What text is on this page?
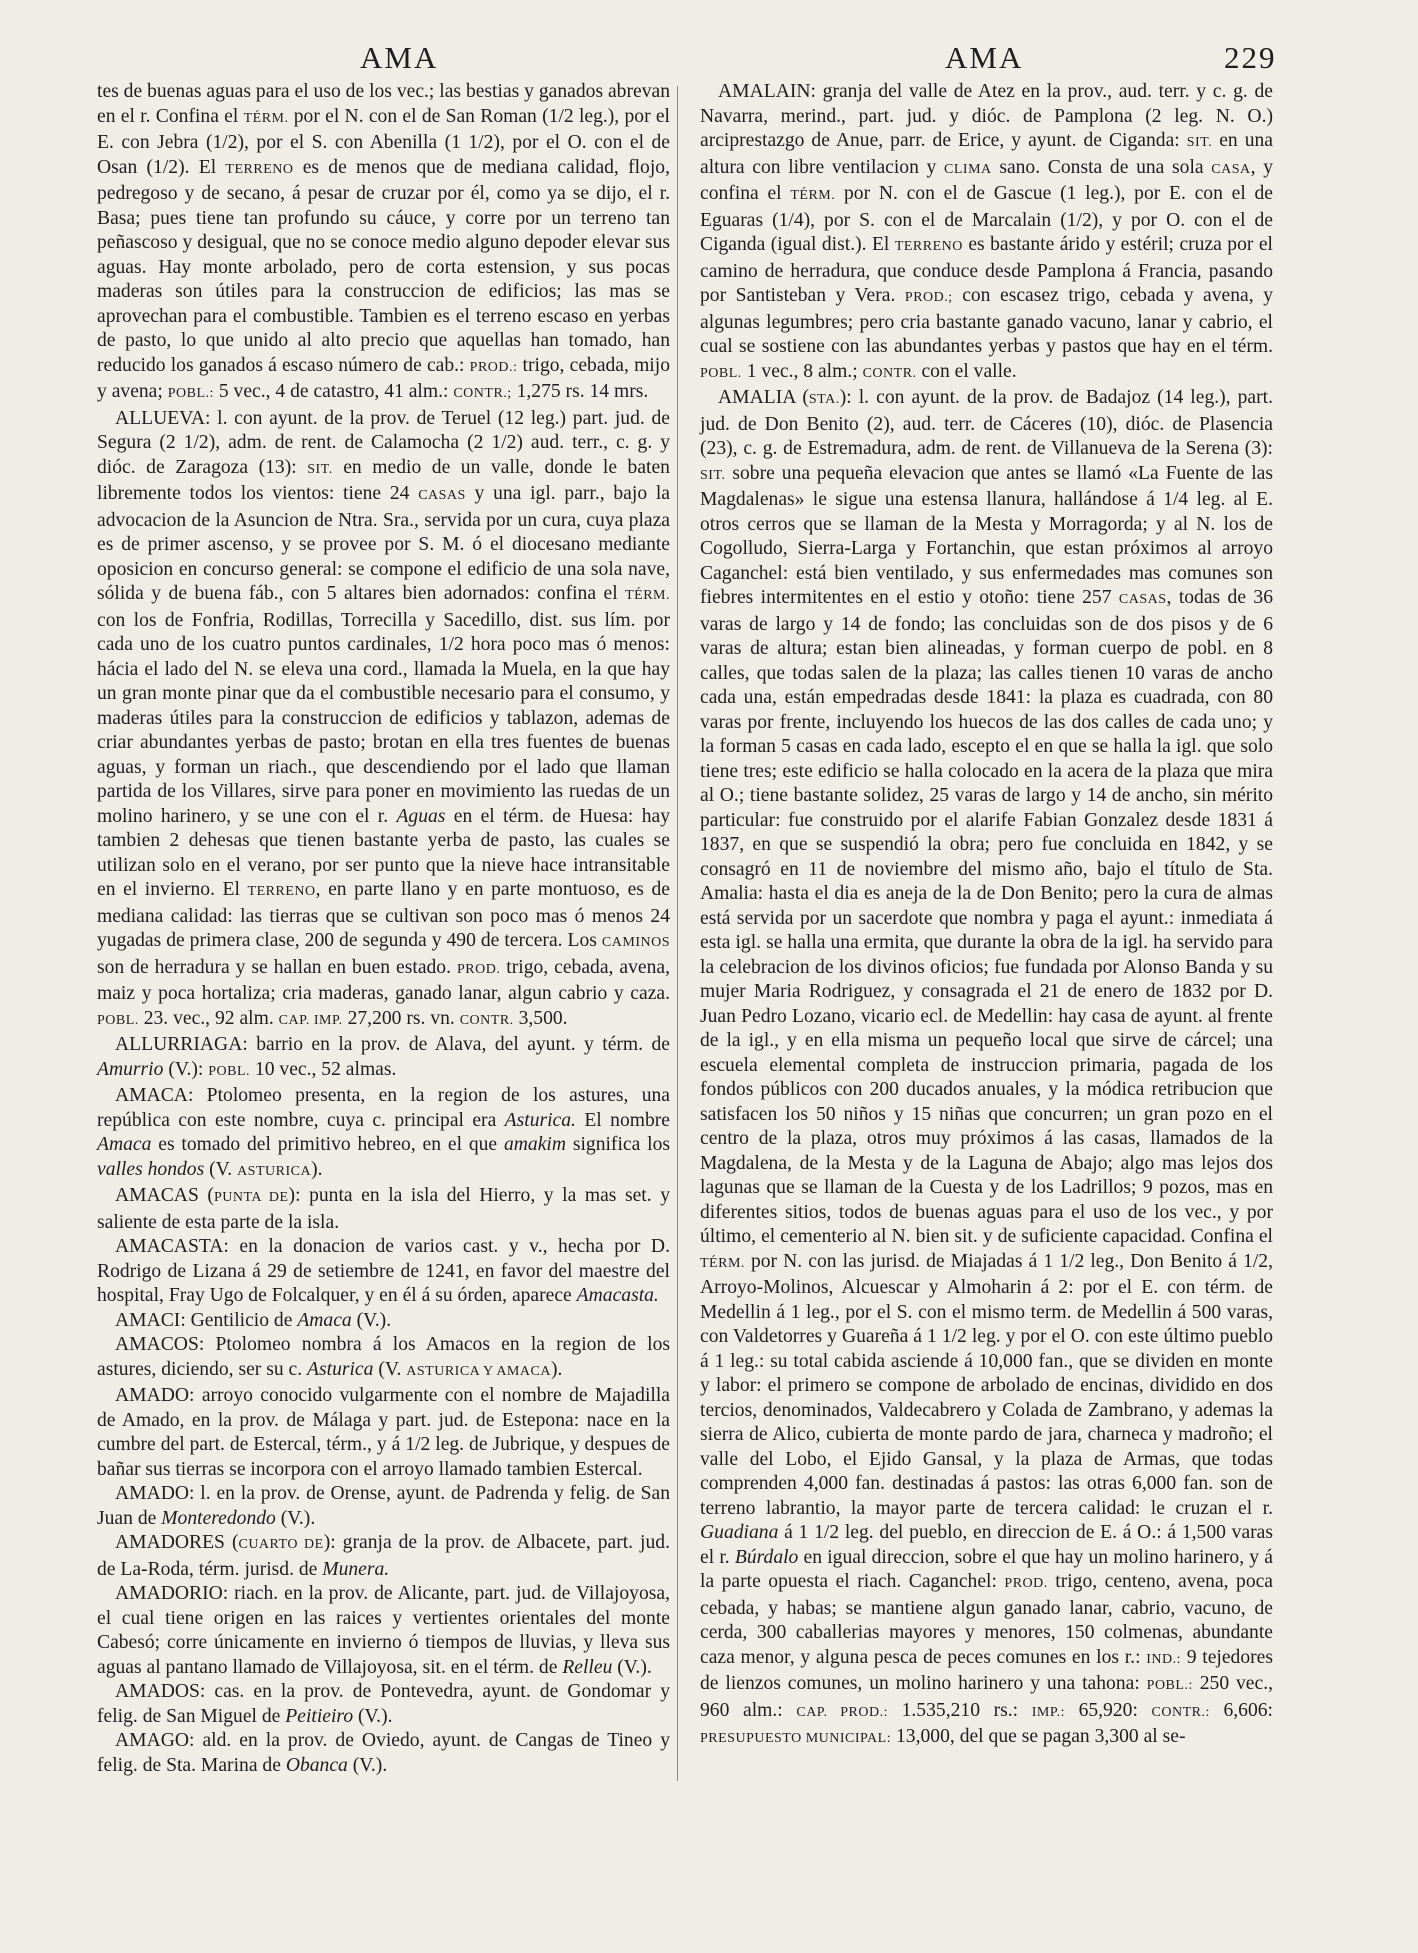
AMA	AMA	229

tes de buenas aguas para el uso de los vec.; las bestias y ganados abrevan en el r. Confina el TÉRM. por el N. con el de San Roman (1/2 leg.), por el E. con Jebra (1/2), por el S. con Abenilla (1 1/2), por el O. con el de Osan (1/2). El TERRENO es de menos que de mediana calidad, flojo, pedregoso y de secano, á pesar de cruzar por él, como ya se dijo, el r. Basa; pues tiene tan profundo su cáuce, y corre por un terreno tan peñascoso y desigual, que no se conoce medio alguno depoder elevar sus aguas. Hay monte arbolado, pero de corta estension, y sus pocas maderas son útiles para la construccion de edificios; las mas se aprovechan para el combustible. Tambien es el terreno escaso en yerbas de pasto, lo que unido al alto precio que aquellas han tomado, han reducido los ganados á escaso número de cab.: PROD.: trigo, cebada, mijo y avena; POBL.: 5 vec., 4 de catastro, 41 alm.: CONTR.; 1,275 rs. 14 mrs.

ALLUEVA: l. con ayunt. de la prov. de Teruel (12 leg.) part. jud. de Segura (2 1/2), adm. de rent. de Calamocha (2 1/2) aud. terr., c. g. y dióc. de Zaragoza (13): SIT. en medio de un valle, donde le baten libremente todos los vientos: tiene 24 CASAS y una igl. parr., bajo la advocacion de la Asuncion de Ntra. Sra., servida por un cura, cuya plaza es de primer ascenso, y se provee por S. M. ó el diocesano mediante oposicion en concurso general: se compone el edificio de una sola nave, sólida y de buena fáb., con 5 altares bien adornados: confina el TÉRM. con los de Fonfria, Rodillas, Torrecilla y Sacedillo, dist. sus lím. por cada uno de los cuatro puntos cardinales, 1/2 hora poco mas ó menos: hácia el lado del N. se eleva una cord., llamada la Muela, en la que hay un gran monte pinar que da el combustible necesario para el consumo, y maderas útiles para la construccion de edificios y tablazon, ademas de criar abundantes yerbas de pasto; brotan en ella tres fuentes de buenas aguas, y forman un riach., que descendiendo por el lado que llaman partida de los Villares, sirve para poner en movimiento las ruedas de un molino harinero, y se une con el r. Aguas en el térm. de Huesa: hay tambien 2 dehesas que tienen bastante yerba de pasto, las cuales se utilizan solo en el verano, por ser punto que la nieve hace intransitable en el invierno. El TERRENO, en parte llano y en parte montuoso, es de mediana calidad: las tierras que se cultivan son poco mas ó menos 24 yugadas de primera clase, 200 de segunda y 490 de tercera. Los CAMINOS son de herradura y se hallan en buen estado. PROD. trigo, cebada, avena, maiz y poca hortaliza; cria maderas, ganado lanar, algun cabrio y caza. POBL. 23. vec., 92 alm. CAP. IMP. 27,200 rs. vn. CONTR. 3,500.

ALLURRIAGA: barrio en la prov. de Alava, del ayunt. y térm. de Amurrio (V.): POBL. 10 vec., 52 almas.

AMACA: Ptolomeo presenta, en la region de los astures, una república con este nombre, cuya c. principal era Asturica. El nombre Amaca es tomado del primitivo hebreo, en el que amakim significa los valles hondos (V. ASTURICA).

AMACAS (PUNTA DE): punta en la isla del Hierro, y la mas set. y saliente de esta parte de la isla.

AMACASTA: en la donacion de varios cast. y v., hecha por D. Rodrigo de Lizana á 29 de setiembre de 1241, en favor del maestre del hospital, Fray Ugo de Folcalquer, y en él á su órden, aparece Amacasta.

AMACI: Gentilicio de Amaca (V.).

AMACOS: Ptolomeo nombra á los Amacos en la region de los astures, diciendo, ser su c. Asturica (V. ASTURICA Y AMACA).

AMADO: arroyo conocido vulgarmente con el nombre de Majadilla de Amado, en la prov. de Málaga y part. jud. de Estepona: nace en la cumbre del part. de Estercal, térm., y á 1/2 leg. de Jubrique, y despues de bañar sus tierras se incorpora con el arroyo llamado tambien Estercal.

AMADO: l. en la prov. de Orense, ayunt. de Padrenda y felig. de San Juan de Monteredondo (V.).

AMADORES (CUARTO DE): granja de la prov. de Albacete, part. jud. de La-Roda, térm. jurisd. de Munera.

AMADORIO: riach. en la prov. de Alicante, part. jud. de Villajoyosa, el cual tiene origen en las raices y vertientes orientales del monte Cabesó; corre únicamente en invierno ó tiempos de lluvias, y lleva sus aguas al pantano llamado de Villajoyosa, sit. en el térm. de Relleu (V.).

AMADOS: cas. en la prov. de Pontevedra, ayunt. de Gondomar y felig. de San Miguel de Peitieiro (V.).

AMAGO: ald. en la prov. de Oviedo, ayunt. de Cangas de Tineo y felig. de Sta. Marina de Obanca (V.).

AMALAIN: granja del valle de Atez en la prov., aud. terr. y c. g. de Navarra, merind., part. jud. y dióc. de Pamplona (2 leg. N. O.) arciprestazgo de Anue, parr. de Erice, y ayunt. de Ciganda: SIT. en una altura con libre ventilacion y CLIMA sano. Consta de una sola CASA, y confina el TÉRM. por N. con el de Gascue (1 leg.), por E. con el de Eguaras (1/4), por S. con el de Marcalain (1/2), y por O. con el de Ciganda (igual dist.). El TERRENO es bastante árido y estéril; cruza por el camino de herradura, que conduce desde Pamplona á Francia, pasando por Santisteban y Vera. PROD.; con escasez trigo, cebada y avena, y algunas legumbres; pero cria bastante ganado vacuno, lanar y cabrio, el cual se sostiene con las abundantes yerbas y pastos que hay en el térm. POBL. 1 vec., 8 alm.; CONTR. con el valle.

AMALIA (STA.): l. con ayunt. de la prov. de Badajoz (14 leg.), part. jud. de Don Benito (2), aud. terr. de Cáceres (10), dióc. de Plasencia (23), c. g. de Estremadura, adm. de rent. de Villanueva de la Serena (3): SIT. sobre una pequeña elevacion que antes se llamó «La Fuente de las Magdalenas» le sigue una estensa llanura, hallándose á 1/4 leg. al E. otros cerros que se llaman de la Mesta y Morragorda; y al N. los de Cogolludo, Sierra-Larga y Fortanchin, que estan próximos al arroyo Caganchel: está bien ventilado, y sus enfermedades mas comunes son fiebres intermitentes en el estio y otoño: tiene 257 CASAS, todas de 36 varas de largo y 14 de fondo; las concluidas son de dos pisos y de 6 varas de altura; estan bien alineadas, y forman cuerpo de pobl. en 8 calles, que todas salen de la plaza; las calles tienen 10 varas de ancho cada una, están empedradas desde 1841: la plaza es cuadrada, con 80 varas por frente, incluyendo los huecos de las dos calles de cada uno; y la forman 5 casas en cada lado, escepto el en que se halla la igl. que solo tiene tres; este edificio se halla colocado en la acera de la plaza que mira al O.; tiene bastante solidez, 25 varas de largo y 14 de ancho, sin mérito particular: fue construido por el alarife Fabian Gonzalez desde 1831 á 1837, en que se suspendió la obra; pero fue concluida en 1842, y se consagró en 11 de noviembre del mismo año, bajo el título de Sta. Amalia: hasta el dia es aneja de la de Don Benito; pero la cura de almas está servida por un sacerdote que nombra y paga el ayunt.: inmediata á esta igl. se halla una ermita, que durante la obra de la igl. ha servido para la celebracion de los divinos oficios; fue fundada por Alonso Banda y su mujer Maria Rodriguez, y consagrada el 21 de enero de 1832 por D. Juan Pedro Lozano, vicario ecl. de Medellin: hay casa de ayunt. al frente de la igl., y en ella misma un pequeño local que sirve de cárcel; una escuela elemental completa de instruccion primaria, pagada de los fondos públicos con 200 ducados anuales, y la módica retribucion que satisfacen los 50 niños y 15 niñas que concurren; un gran pozo en el centro de la plaza, otros muy próximos á las casas, llamados de la Magdalena, de la Mesta y de la Laguna de Abajo; algo mas lejos dos lagunas que se llaman de la Cuesta y de los Ladrillos; 9 pozos, mas en diferentes sitios, todos de buenas aguas para el uso de los vec., y por último, el cementerio al N. bien sit. y de suficiente capacidad. Confina el TÉRM. por N. con las jurisd. de Miajadas á 1 1/2 leg., Don Benito á 1/2, Arroyo-Molinos, Alcuescar y Almoharin á 2: por el E. con térm. de Medellin á 1 leg., por el S. con el mismo term. de Medellin á 500 varas, con Valdetorres y Guareña á 1 1/2 leg. y por el O. con este último pueblo á 1 leg.: su total cabida asciende á 10,000 fan., que se dividen en monte y labor: el primero se compone de arbolado de encinas, dividido en dos tercios, denominados, Valdecabrero y Colada de Zambrano, y ademas la sierra de Alico, cubierta de monte pardo de jara, charneca y madroño; el valle del Lobo, el Ejido Gansal, y la plaza de Armas, que todas comprenden 4,000 fan. destinadas á pastos: las otras 6,000 fan. son de terreno labrantio, la mayor parte de tercera calidad: le cruzan el r. Guadiana á 1 1/2 leg. del pueblo, en direccion de E. á O.: á 1,500 varas el r. Búrdalo en igual direccion, sobre el que hay un molino harinero, y á la parte opuesta el riach. Caganchel: PROD. trigo, centeno, avena, poca cebada, y habas; se mantiene algun ganado lanar, cabrio, vacuno, de cerda, 300 caballerias mayores y menores, 150 colmenas, abundante caza menor, y alguna pesca de peces comunes en los r.: IND.: 9 tejedores de lienzos comunes, un molino harinero y una tahona: POBL.: 250 vec., 960 alm.: CAP. PROD.: 1.535,210 rs.: IMP.: 65,920: CONTR.: 6,606: PRESUPUESTO MUNICIPAL: 13,000, del que se pagan 3,300 al se-
